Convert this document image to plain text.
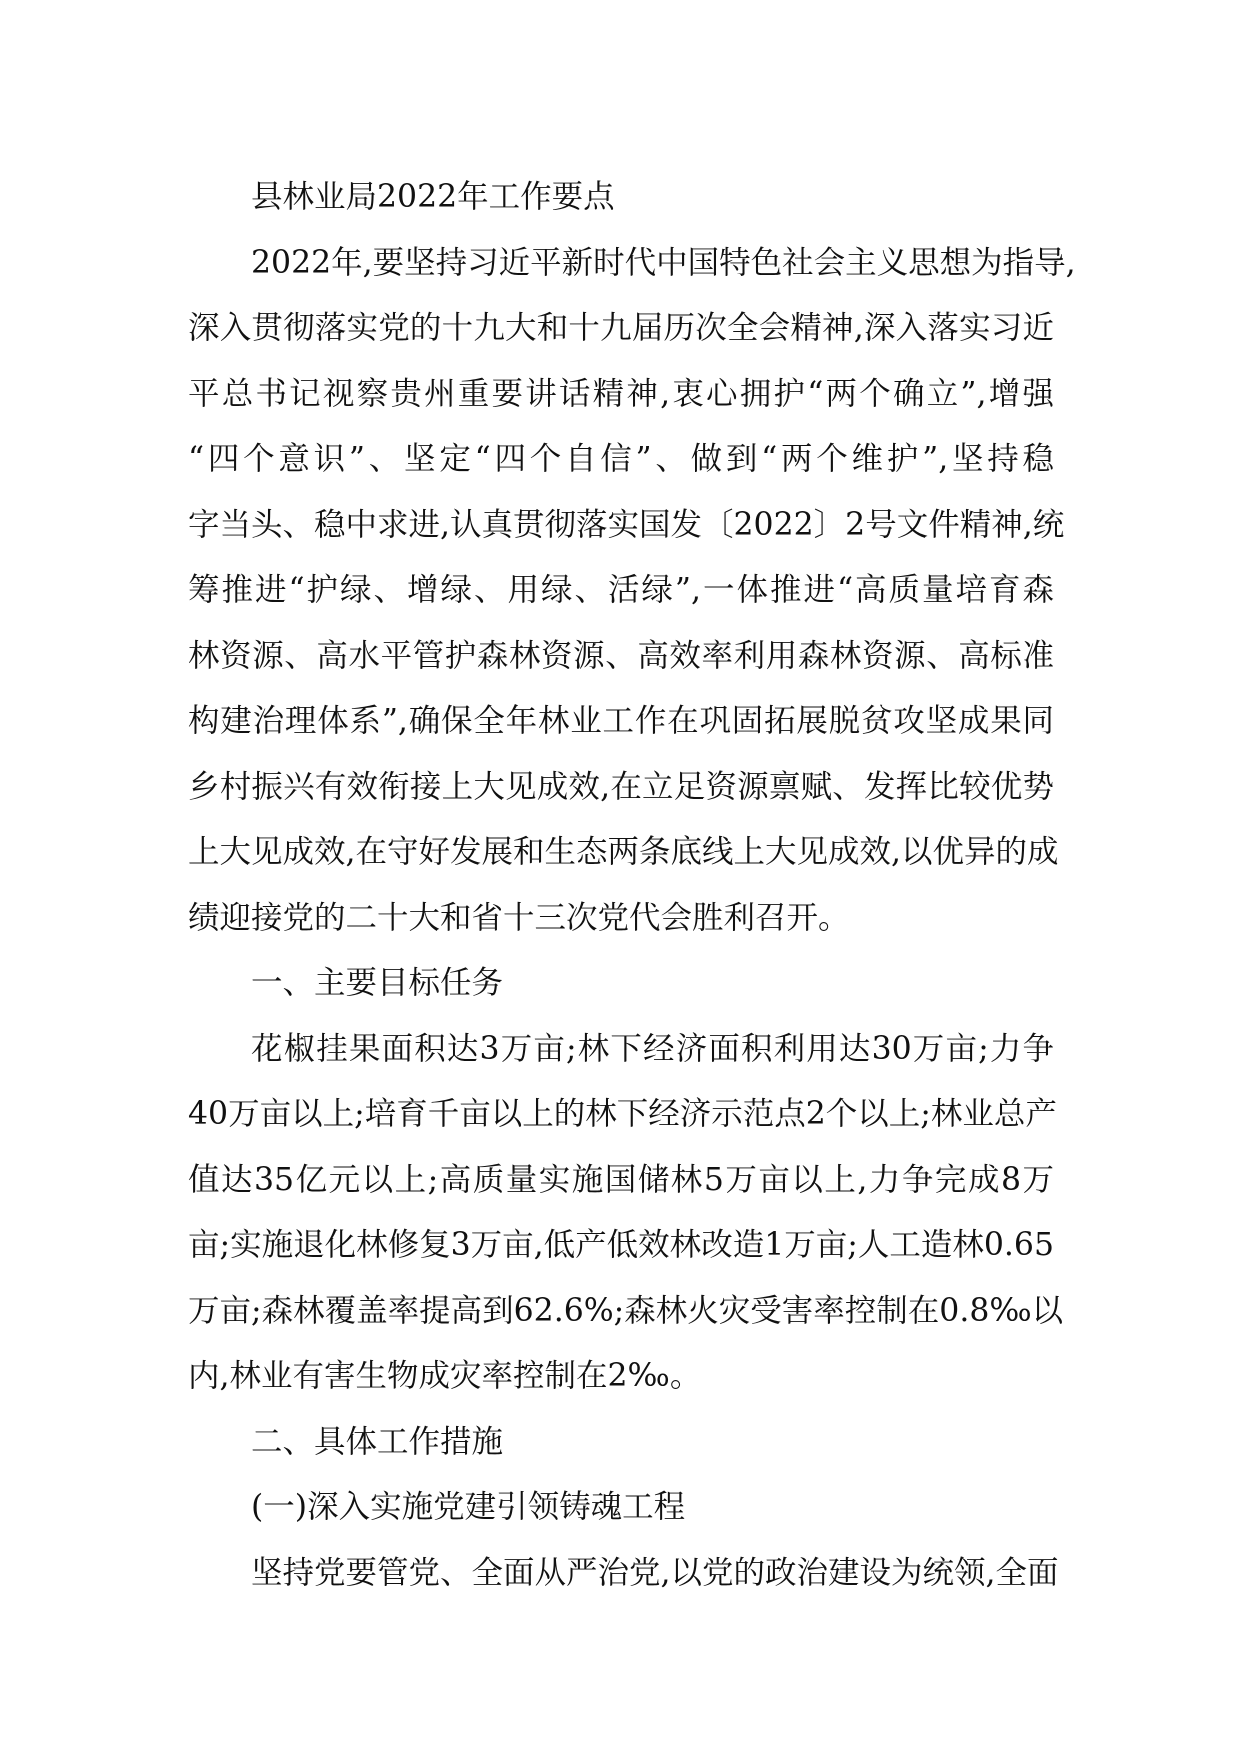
县林业局2022年工作要点
2022年,要坚持习近平新时代中国特色社会主义思想为指导,
深入贯彻落实党的十九大和十九届历次全会精神,深入落实习近
平总书记视察贵州重要讲话精神,衷心拥护“两个确立”,增强
“四个意识”、坚定“四个自信”、做到“两个维护”,坚持稳
字当头、稳中求进,认真贯彻落实国发〔2022〕2号文件精神,统
筹推进“护绿、增绿、用绿、活绿”,一体推进“高质量培育森
林资源、高水平管护森林资源、高效率利用森林资源、高标准
构建治理体系”,确保全年林业工作在巩固拓展脱贫攻坚成果同
乡村振兴有效衔接上大见成效,在立足资源禀赋、发挥比较优势
上大见成效,在守好发展和生态两条底线上大见成效,以优异的成
绩迎接党的二十大和省十三次党代会胜利召开。
一、主要目标任务
花椒挂果面积达3万亩;林下经济面积利用达30万亩;力争
40万亩以上;培育千亩以上的林下经济示范点2个以上;林业总产
值达35亿元以上;高质量实施国储林5万亩以上,力争完成8万
亩;实施退化林修复3万亩,低产低效林改造1万亩;人工造林0.65
万亩;森林覆盖率提高到62.6%;森林火灾受害率控制在0.8‰以
内,林业有害生物成灾率控制在2‰。
二、具体工作措施
(一)深入实施党建引领铸魂工程
坚持党要管党、全面从严治党,以党的政治建设为统领,全面
